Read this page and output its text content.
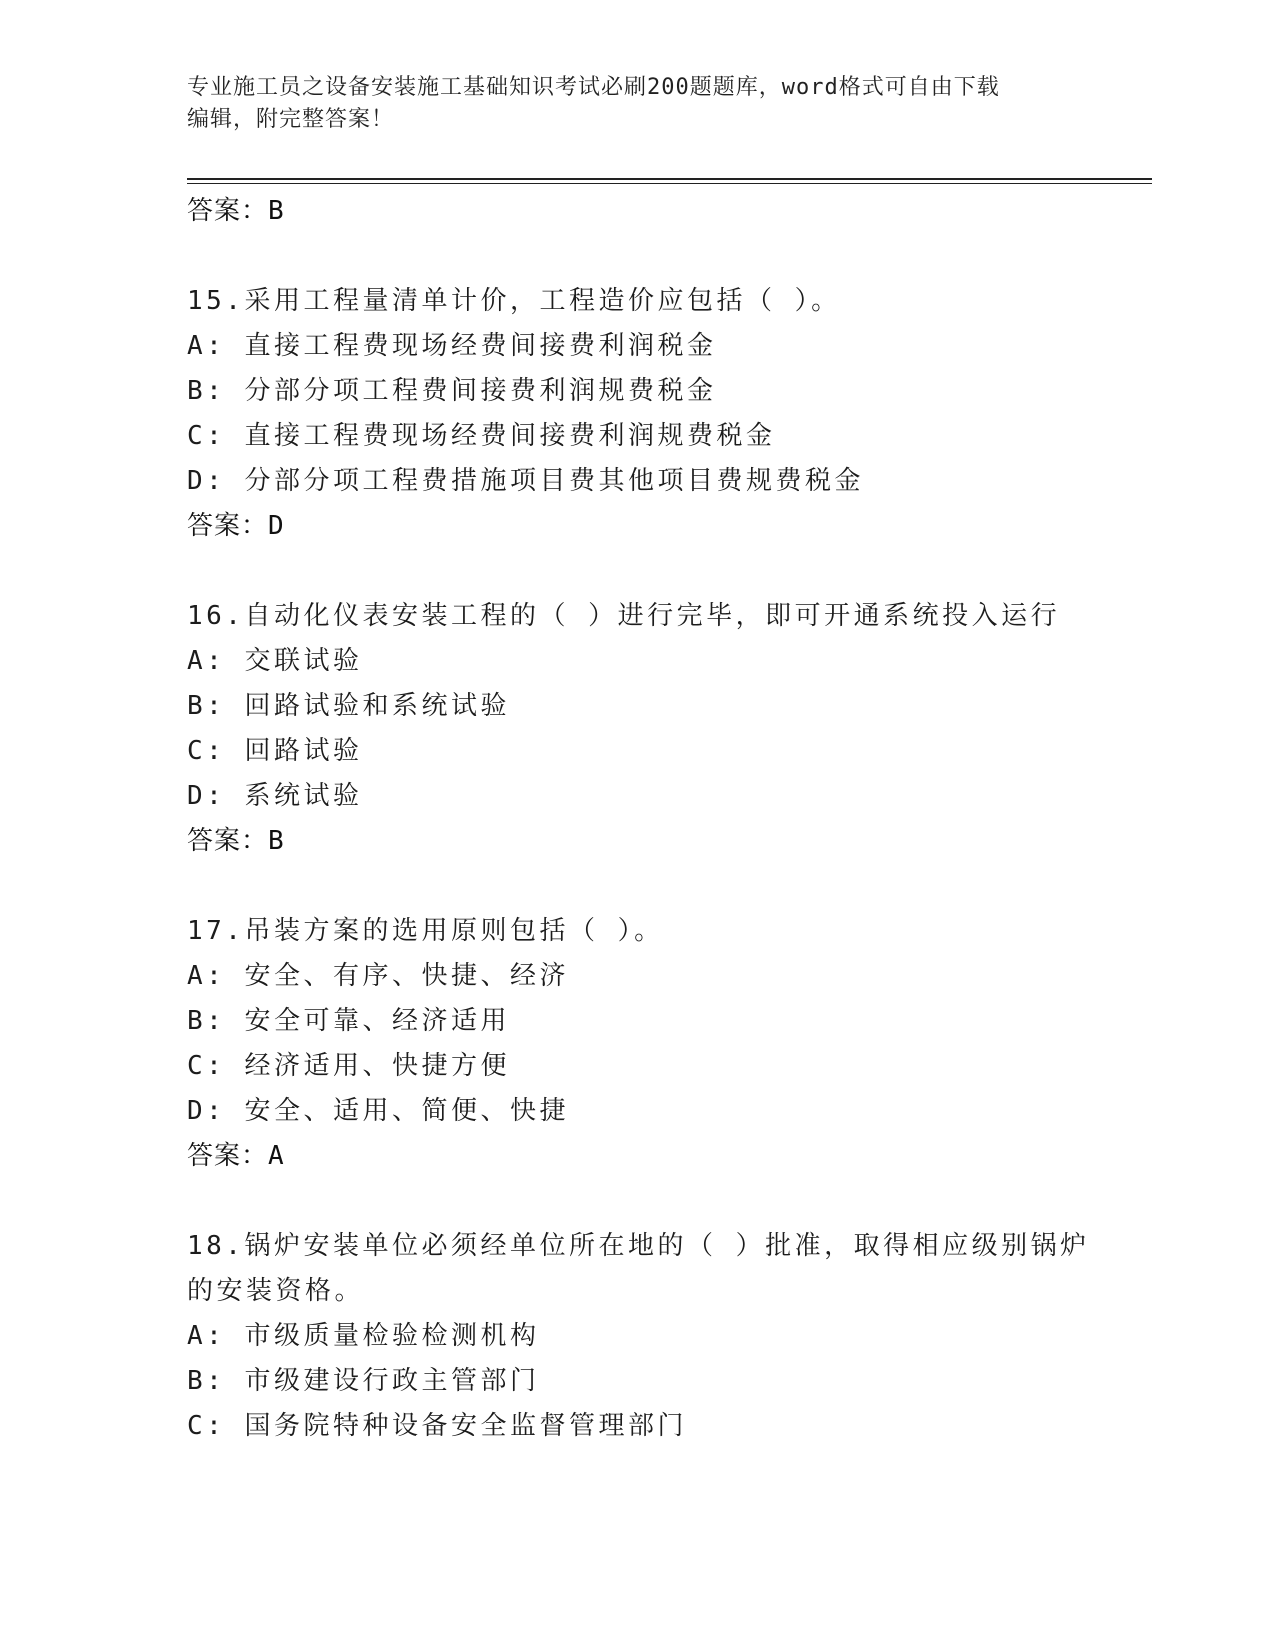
专业施工员之设备安装施工基础知识考试必刷200题题库，word格式可自由下载
编辑，附完整答案！
答案：B
15.采用工程量清单计价，工程造价应包括（ ）。
A: 直接工程费现场经费间接费利润税金
B: 分部分项工程费间接费利润规费税金
C: 直接工程费现场经费间接费利润规费税金
D: 分部分项工程费措施项目费其他项目费规费税金
答案：D
16.自动化仪表安装工程的（ ）进行完毕，即可开通系统投入运行
A: 交联试验
B: 回路试验和系统试验
C: 回路试验
D: 系统试验
答案：B
17.吊装方案的选用原则包括（ ）。
A: 安全、有序、快捷、经济
B: 安全可靠、经济适用
C: 经济适用、快捷方便
D: 安全、适用、简便、快捷
答案：A
18.锅炉安装单位必须经单位所在地的（ ）批准，取得相应级别锅炉
的安装资格。
A: 市级质量检验检测机构
B: 市级建设行政主管部门
C: 国务院特种设备安全监督管理部门
